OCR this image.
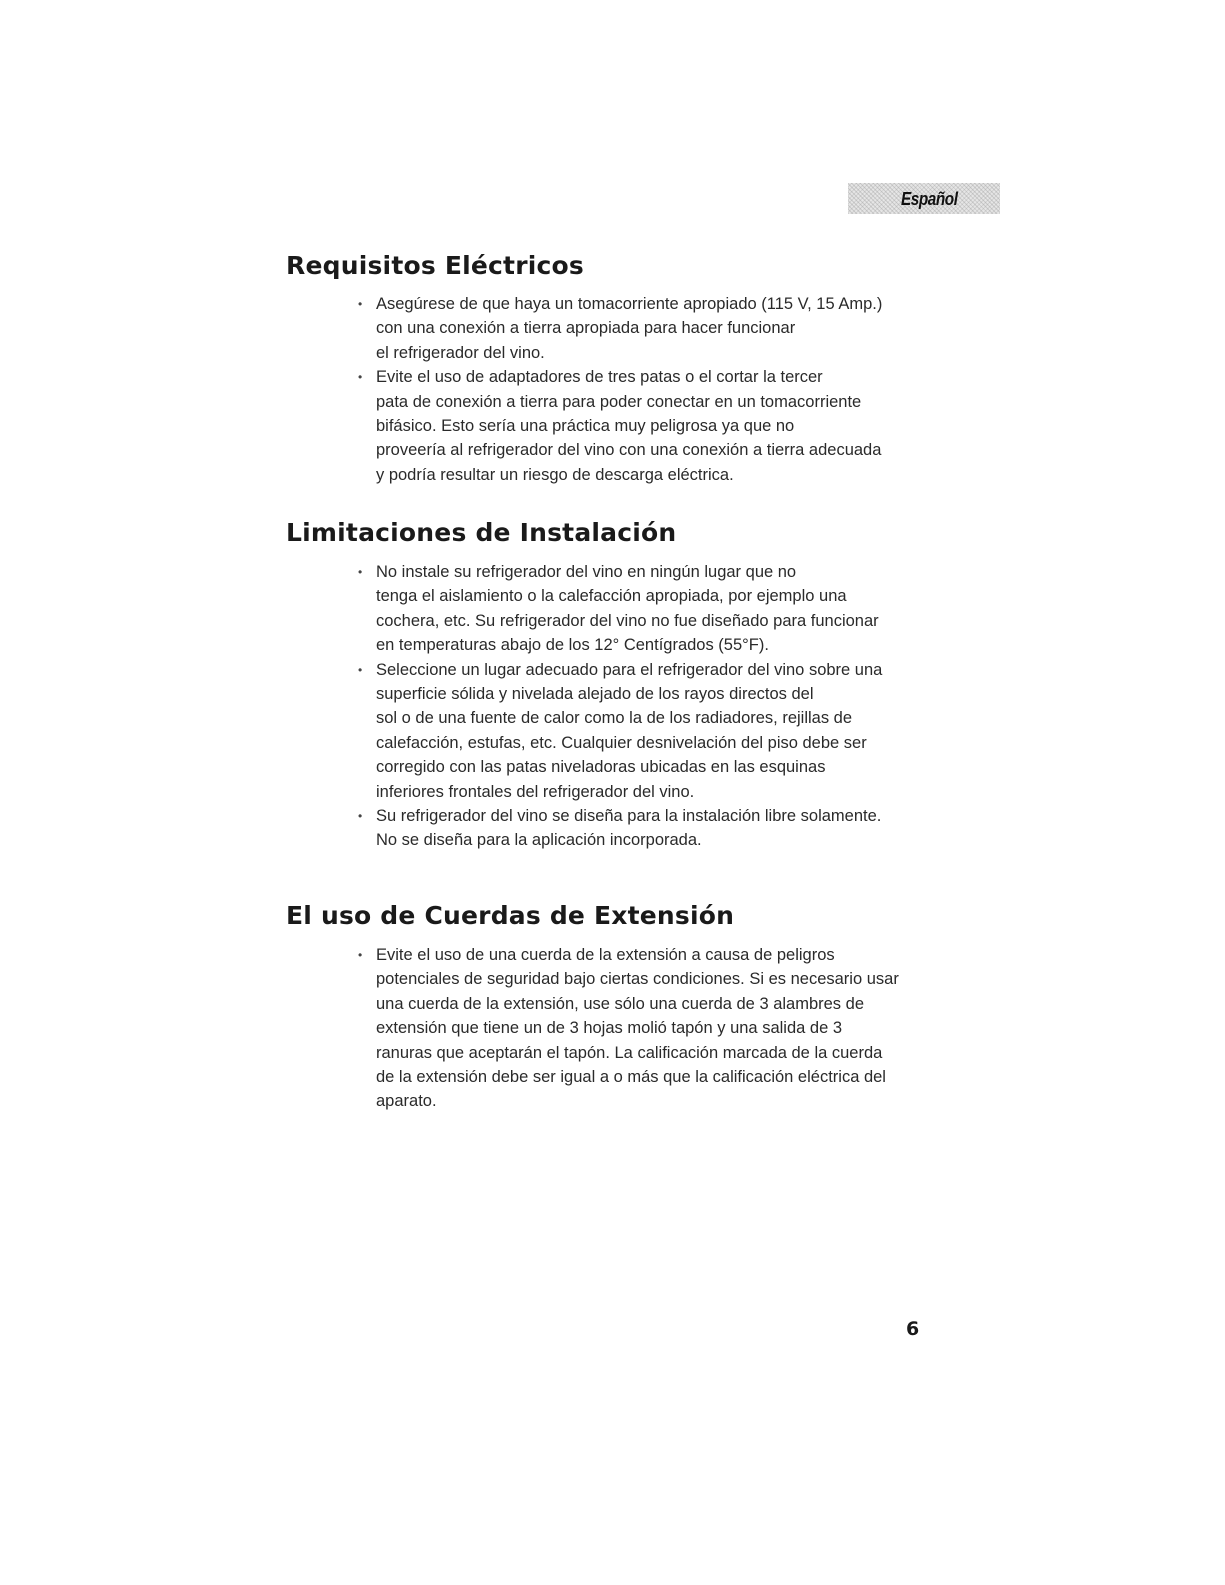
Español
Requisitos Eléctricos
• Asegúrese de que haya un tomacorriente apropiado (115 V, 15 Amp.)
con una conexión a tierra apropiada para hacer funcionar
el refrigerador del vino.
• Evite el uso de adaptadores de tres patas o el cortar la tercer
pata de conexión a tierra para poder conectar en un tomacorriente
bifásico. Esto sería una práctica muy peligrosa ya que no
proveería al refrigerador del vino con una conexión a tierra adecuada
y podría resultar un riesgo de descarga eléctrica.
Limitaciones de Instalación
• No instale su refrigerador del vino en ningún lugar que no
tenga el aislamiento o la calefacción apropiada, por ejemplo una
cochera, etc. Su refrigerador del vino no fue diseñado para funcionar
en temperaturas abajo de los 12° Centígrados (55°F).
• Seleccione un lugar adecuado para el refrigerador del vino sobre una
superficie sólida y nivelada alejado de los rayos directos del
sol o de una fuente de calor como la de los radiadores, rejillas de
calefacción, estufas, etc. Cualquier desnivelación del piso debe ser
corregido con las patas niveladoras ubicadas en las esquinas
inferiores frontales del refrigerador del vino.
• Su refrigerador del vino se diseña para la instalación libre solamente.
No se diseña para la aplicación incorporada.
El uso de Cuerdas de Extensión
• Evite el uso de una cuerda de la extensión a causa de peligros
potenciales de seguridad bajo ciertas condiciones. Si es necesario usar
una cuerda de la extensión, use sólo una cuerda de 3 alambres de
extensión que tiene un de 3 hojas molió tapón y una salida de 3
ranuras que aceptarán el tapón. La calificación marcada de la cuerda
de la extensión debe ser igual a o más que la calificación eléctrica del
aparato.
6
